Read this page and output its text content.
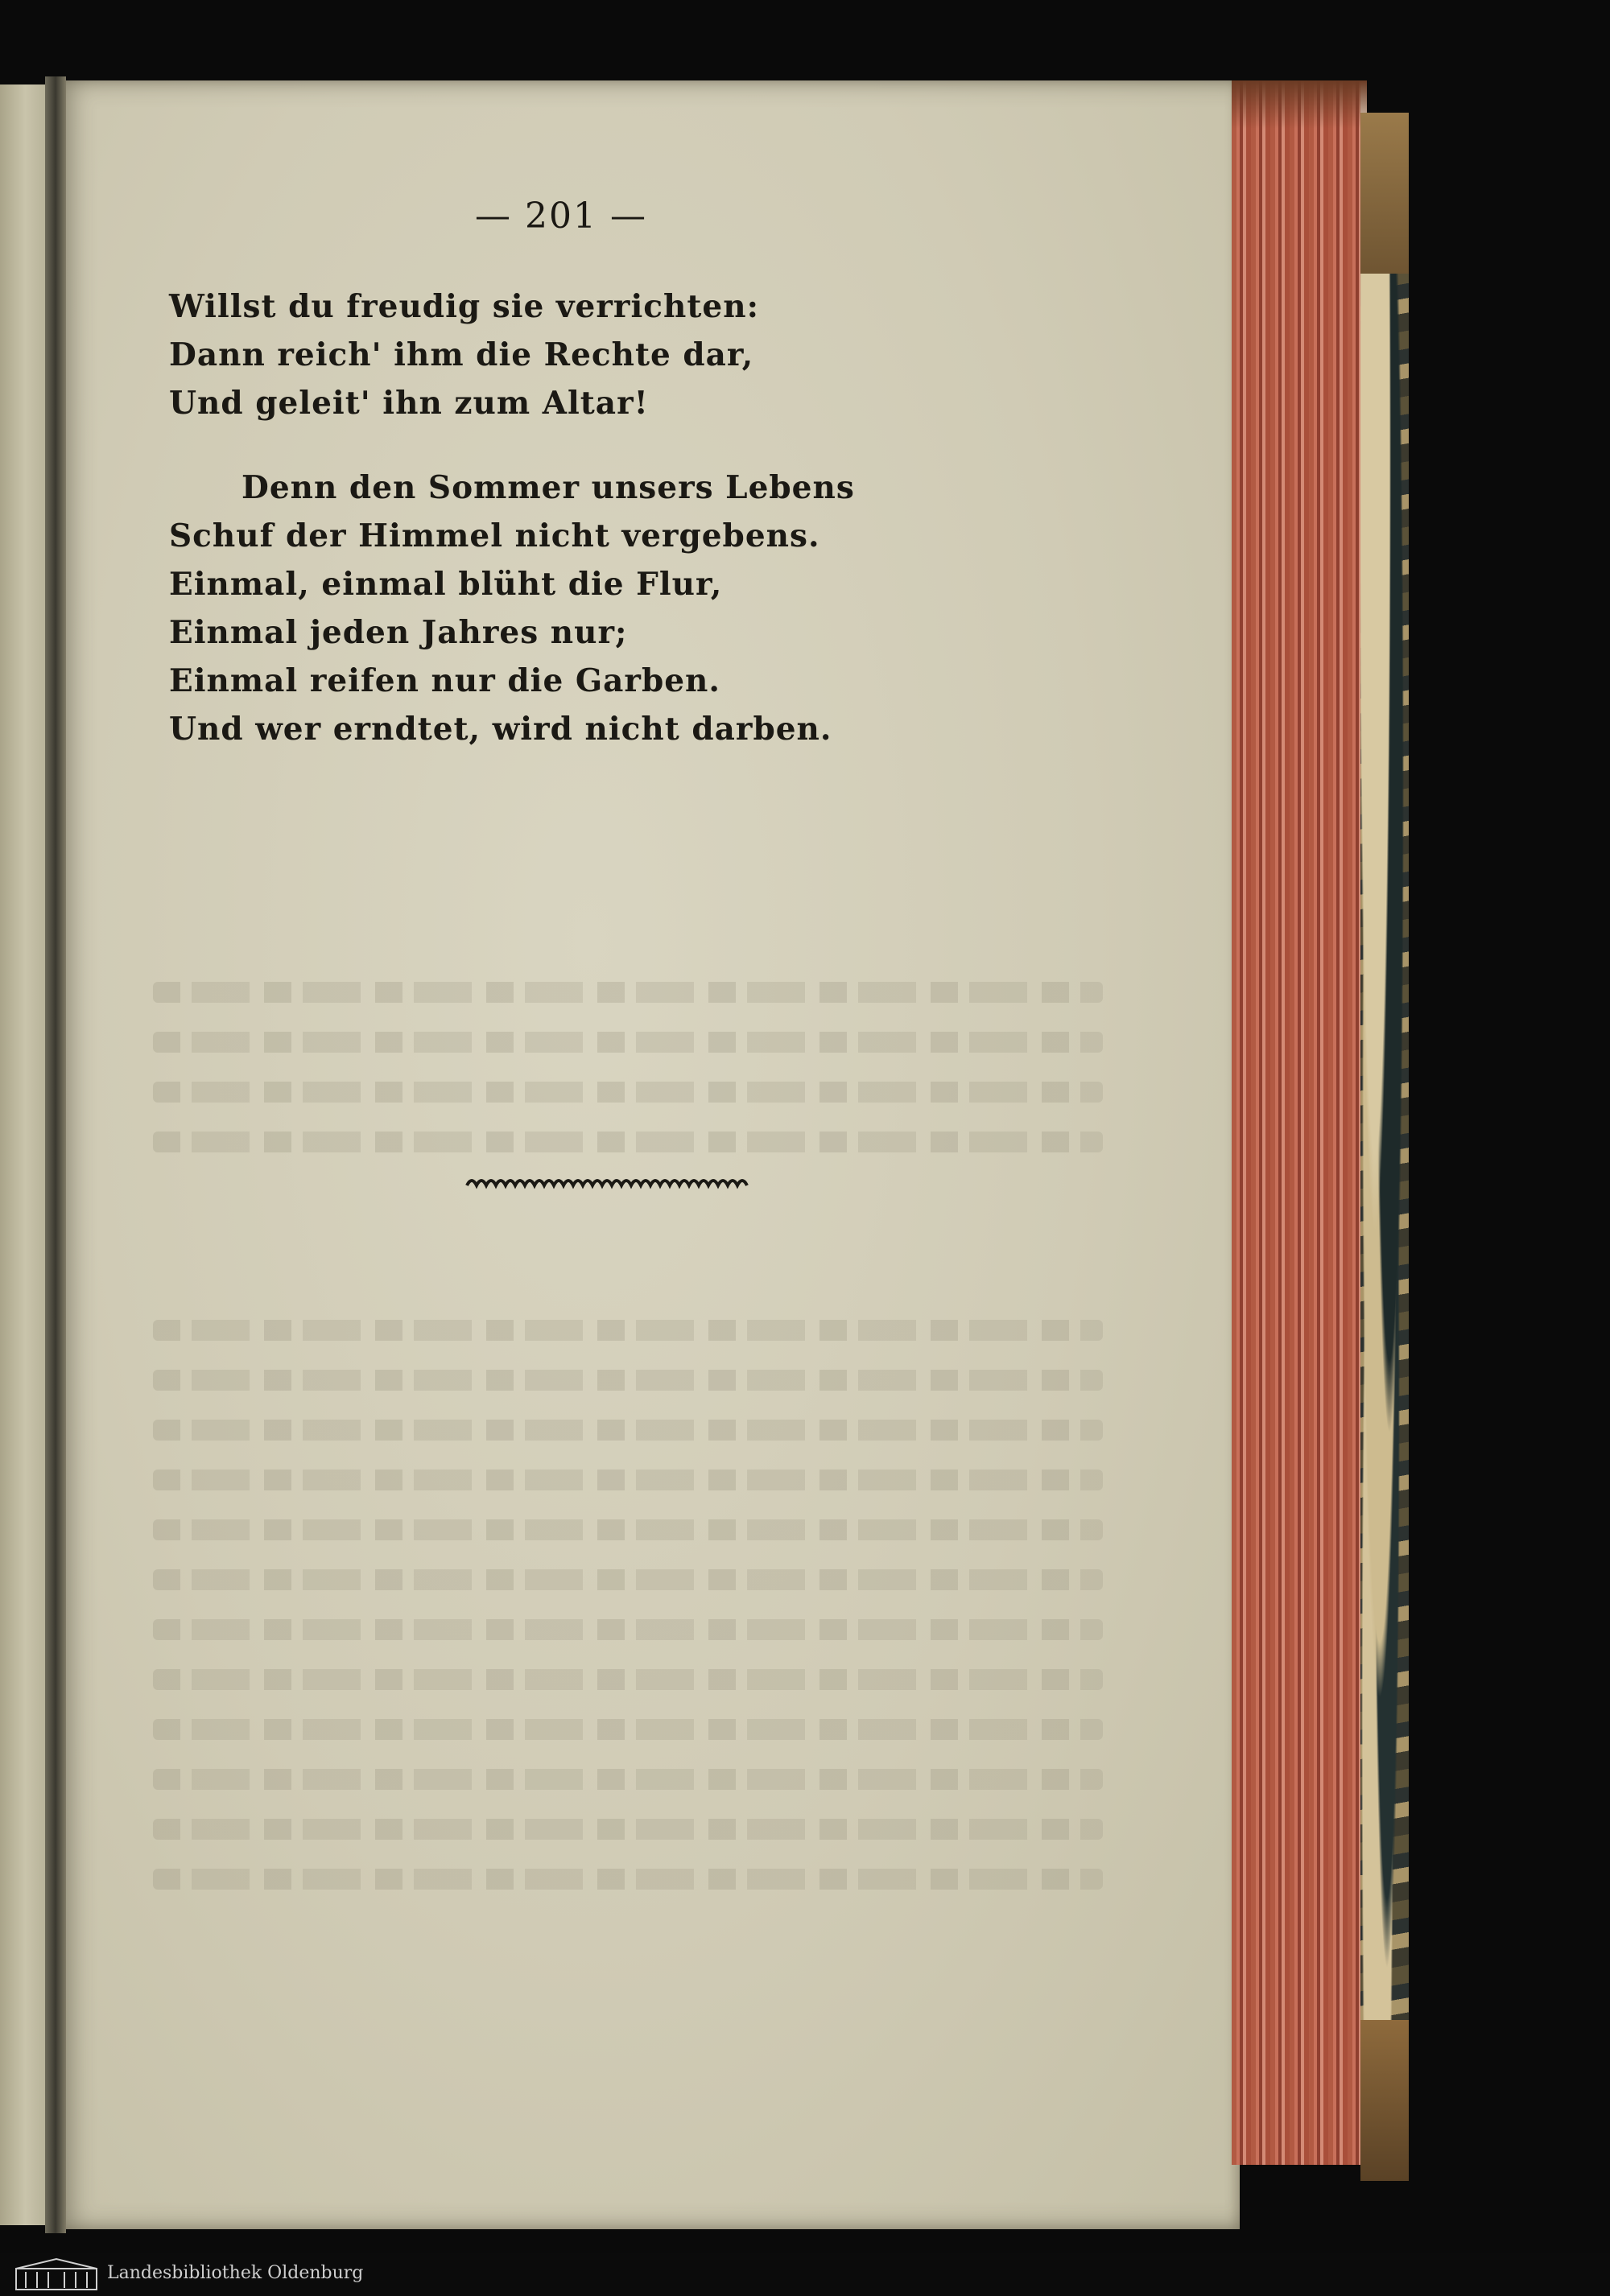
— 201 —
Willst du freudig sie verrichten:
Dann reich' ihm die Rechte dar,
Und geleit' ihn zum Altar!
Denn den Sommer unsers Lebens
Schuf der Himmel nicht vergebens.
Einmal, einmal blüht die Flur,
Einmal jeden Jahres nur;
Einmal reifen nur die Garben.
Und wer erndtet, wird nicht darben.
Landesbibliothek Oldenburg
